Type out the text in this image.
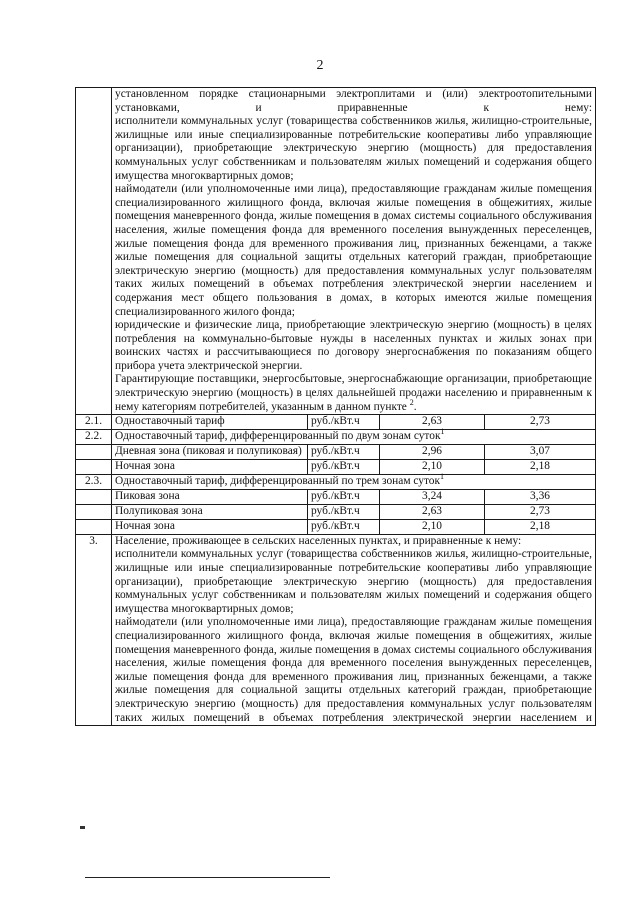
2

	установленном порядке стационарными электроплитами и (или) электроотопительными установками, и приравненные к нему:
исполнители коммунальных услуг (товарищества собственников жилья, жилищно-строительные, жилищные или иные специализированные потребительские кооперативы либо управляющие организации), приобретающие электрическую энергию (мощность) для предоставления коммунальных услуг собственникам и пользователям жилых помещений и содержания общего имущества многоквартирных домов;
наймодатели (или уполномоченные ими лица), предоставляющие гражданам жилые помещения специализированного жилищного фонда, включая жилые помещения в общежитиях, жилые помещения маневренного фонда, жилые помещения в домах системы социального обслуживания населения, жилые помещения фонда для временного поселения вынужденных переселенцев, жилые помещения фонда для временного проживания лиц, признанных беженцами, а также жилые помещения для социальной защиты отдельных категорий граждан, приобретающие электрическую энергию (мощность) для предоставления коммунальных услуг пользователям таких жилых помещений в объемах потребления электрической энергии населением и содержания мест общего пользования в домах, в которых имеются жилые помещения специализированного жилого фонда;
юридические и физические лица, приобретающие электрическую энергию (мощность) в целях потребления на коммунально-бытовые нужды в населенных пунктах и жилых зонах при воинских частях и рассчитывающиеся по договору энергоснабжения по показаниям общего прибора учета электрической энергии.
Гарантирующие поставщики, энергосбытовые, энергоснабжающие организации, приобретающие электрическую энергию (мощность) в целях дальнейшей продажи населению и приравненным к нему категориям потребителей, указанным в данном пункте $^2$.			

2.1.	Одноставочный тариф	руб./кВт.ч	2,63	2,73
2.2.	Одноставочный тариф, дифференцированный по двум зонам суток$^1$
	Дневная зона (пиковая и полупиковая)	руб./кВт.ч	2,96	3,07
	Ночная зона	руб./кВт.ч	2,10	2,18
2.3.	Одноставочный тариф, дифференцированный по трем зонам суток$^1$
	Пиковая зона	руб./кВт.ч	3,24	3,36
	Полупиковая зона	руб./кВт.ч	2,63	2,73
	Ночная зона	руб./кВт.ч	2,10	2,18
3.	Население, проживающее в сельских населенных пунктах, и приравненные к нему:
исполнители коммунальных услуг (товарищества собственников жилья, жилищно-строительные, жилищные или иные специализированные потребительские кооперативы либо управляющие организации), приобретающие электрическую энергию (мощность) для предоставления коммунальных услуг собственникам и пользователям жилых помещений и содержания общего имущества многоквартирных домов;
наймодатели (или уполномоченные ими лица), предоставляющие гражданам жилые помещения специализированного жилищного фонда, включая жилые помещения в общежитиях, жилые помещения маневренного фонда, жилые помещения в домах системы социального обслуживания населения, жилые помещения фонда для временного поселения вынужденных переселенцев, жилые помещения фонда для временного проживания лиц, признанных беженцами, а также жилые помещения для социальной защиты отдельных категорий граждан, приобретающие электрическую энергию (мощность) для предоставления коммунальных услуг пользователям таких жилых помещений в объемах потребления электрической энергии населением и			
